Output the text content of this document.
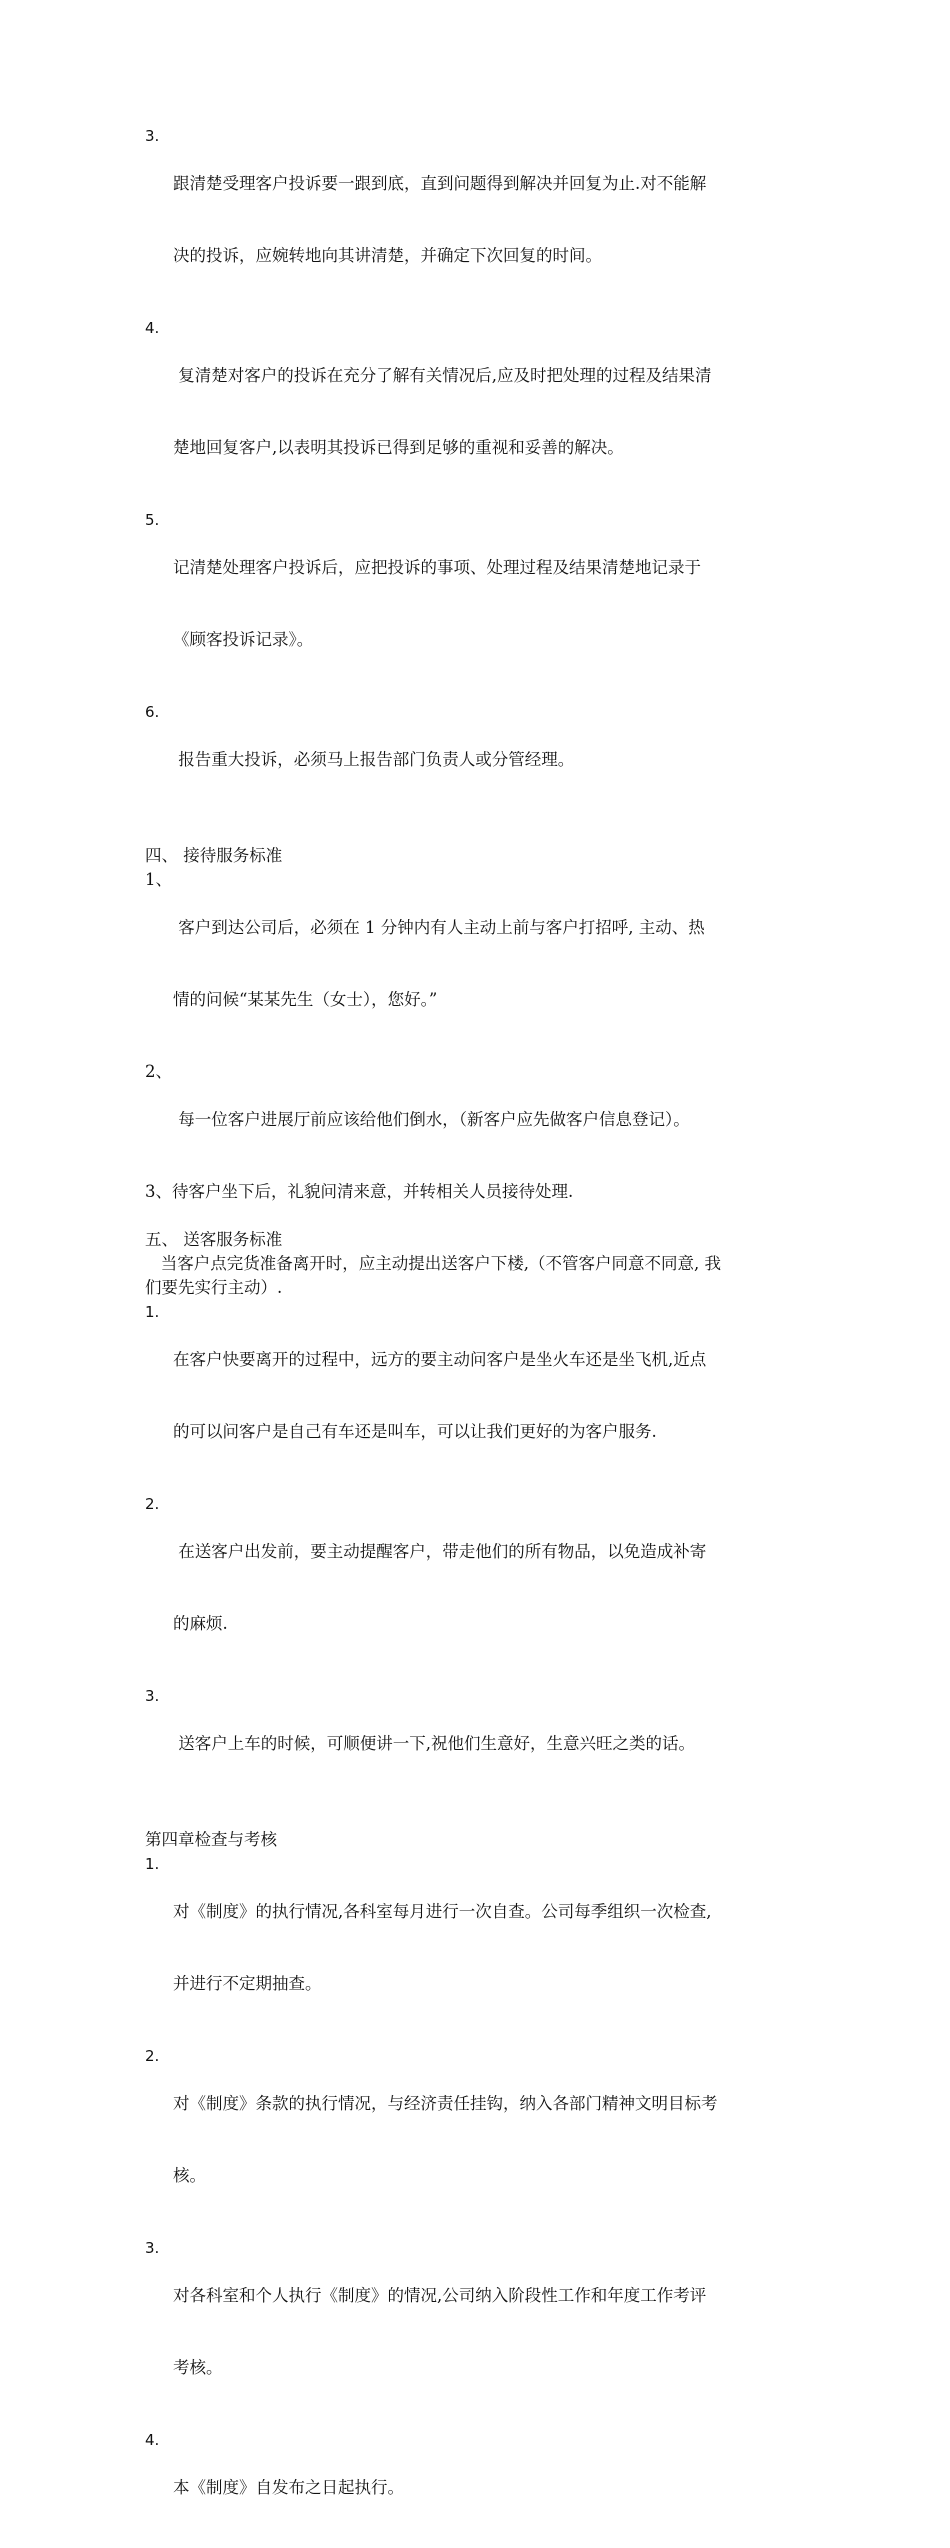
3.

跟清楚受理客户投诉要一跟到底，直到问题得到解决并回复为止.对不能解

决的投诉，应婉转地向其讲清楚，并确定下次回复的时间。

4.

复清楚对客户的投诉在充分了解有关情况后,应及时把处理的过程及结果清

楚地回复客户,以表明其投诉已得到足够的重视和妥善的解决。

5.

记清楚处理客户投诉后，应把投诉的事项、处理过程及结果清楚地记录于

《顾客投诉记录》。

6.

报告重大投诉，必须马上报告部门负责人或分管经理。

四、 接待服务标准
1、

客户到达公司后，必须在 1 分钟内有人主动上前与客户打招呼, 主动、热

情的问候“某某先生（女士），您好。”

2、

每一位客户进展厅前应该给他们倒水，（新客户应先做客户信息登记）。

3、待客户坐下后，礼貌问清来意，并转相关人员接待处理.
五、 送客服务标准
当客户点完货准备离开时，应主动提出送客户下楼,（不管客户同意不同意, 我
们要先实行主动）.
1.

在客户快要离开的过程中，远方的要主动问客户是坐火车还是坐飞机,近点

的可以问客户是自己有车还是叫车，可以让我们更好的为客户服务.

2.

在送客户出发前，要主动提醒客户，带走他们的所有物品，以免造成补寄

的麻烦.

3.

送客户上车的时候，可顺便讲一下,祝他们生意好，生意兴旺之类的话。

第四章检查与考核
1.

对《制度》的执行情况,各科室每月进行一次自查。公司每季组织一次检查,

并进行不定期抽查。

2.

对《制度》条款的执行情况，与经济责任挂钩，纳入各部门精神文明目标考

核。

3.

对各科室和个人执行《制度》的情况,公司纳入阶段性工作和年度工作考评

考核。

4.

本《制度》自发布之日起执行。
